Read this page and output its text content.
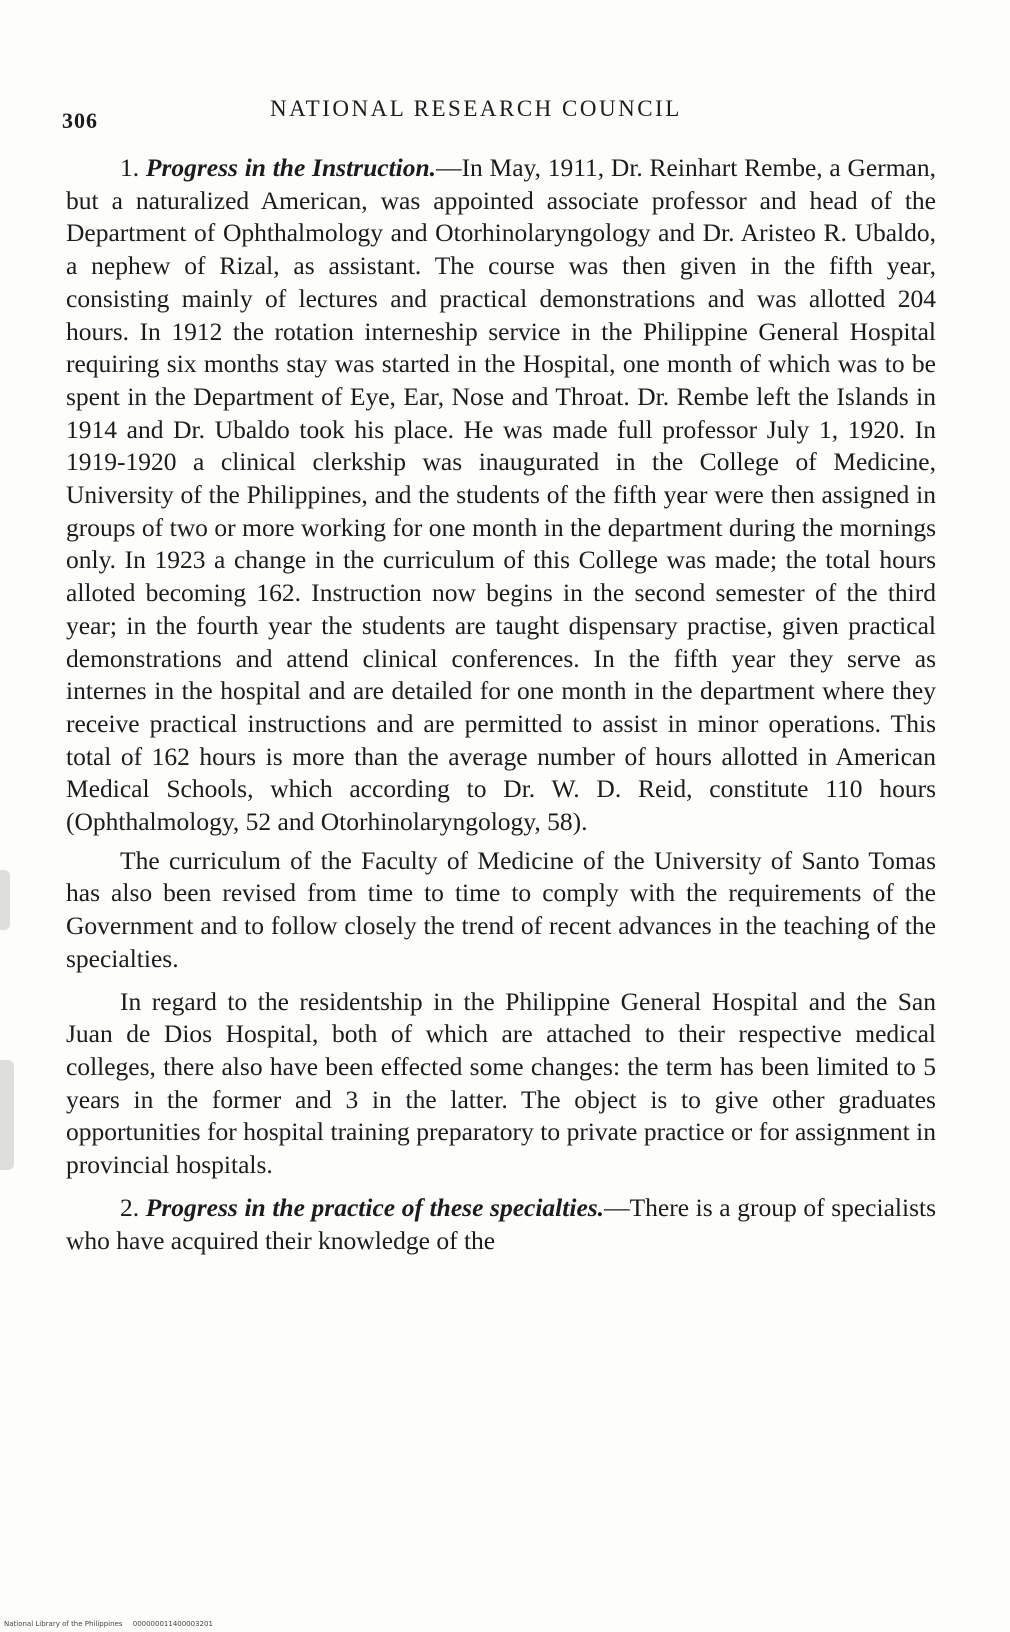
306	NATIONAL RESEARCH COUNCIL

1. Progress in the Instruction.—In May, 1911, Dr. Reinhart Rembe, a German, but a naturalized American, was appointed associate professor and head of the Department of Ophthalmology and Otorhinolaryngology and Dr. Aristeo R. Ubaldo, a nephew of Rizal, as assistant. The course was then given in the fifth year, consisting mainly of lectures and practical demonstrations and was allotted 204 hours. In 1912 the rotation interneship service in the Philippine General Hospital requiring six months stay was started in the Hospital, one month of which was to be spent in the Department of Eye, Ear, Nose and Throat. Dr. Rembe left the Islands in 1914 and Dr. Ubaldo took his place. He was made full professor July 1, 1920. In 1919-1920 a clinical clerkship was inaugurated in the College of Medicine, University of the Philippines, and the students of the fifth year were then assigned in groups of two or more working for one month in the department during the mornings only. In 1923 a change in the curriculum of this College was made; the total hours alloted becoming 162. Instruction now begins in the second semester of the third year; in the fourth year the students are taught dispensary practise, given practical demonstrations and attend clinical conferences. In the fifth year they serve as internes in the hospital and are detailed for one month in the department where they receive practical instructions and are permitted to assist in minor operations. This total of 162 hours is more than the average number of hours allotted in American Medical Schools, which according to Dr. W. D. Reid, constitute 110 hours (Ophthalmology, 52 and Otorhinolaryngology, 58).

The curriculum of the Faculty of Medicine of the University of Santo Tomas has also been revised from time to time to comply with the requirements of the Government and to follow closely the trend of recent advances in the teaching of the specialties.

In regard to the residentship in the Philippine General Hospital and the San Juan de Dios Hospital, both of which are attached to their respective medical colleges, there also have been effected some changes: the term has been limited to 5 years in the former and 3 in the latter. The object is to give other graduates opportunities for hospital training preparatory to private practice or for assignment in provincial hospitals.

2. Progress in the practice of these specialties.—There is a group of specialists who have acquired their knowledge of the

National Library of the Philippines 000000011400003201
